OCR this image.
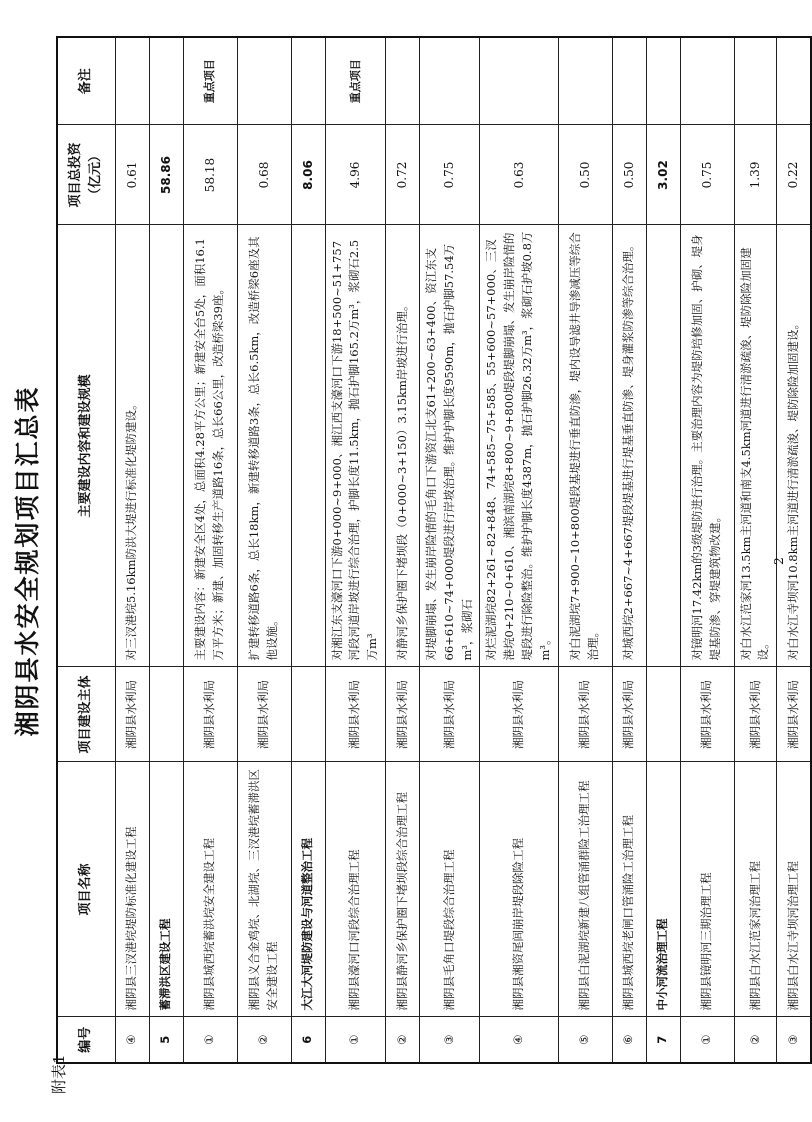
湘阴县水安全规划项目汇总表
附表1
编号	项目名称	项目建设主体	主要建设内容和建设规模	项目总投资（亿元）	备注
④	湘阴县三汊港垸堤防标准化建设工程	湘阴县水利局	对三汊港垸5.16km防洪大堤进行标准化堤防建设。	0.61	
5	蓄滞洪区建设工程			58.86	
①	湘阴县城西垸蓄洪垸安全建设工程	湘阴县水利局	主要建设内容：新建安全区4处，总面积4.28平方公里；新建安全台5处，面积16.1万平方米；新建、加固转移生产道路16条，总长66公里，改造桥梁39座。	58.18	重点项目
②	湘阴县义合金鸡垸、北湖垸、三汊港垸蓄滞洪区安全建设工程	湘阴县水利局	扩建转移道路6条，总长18km，新建转移道路3条，总长6.5km，改造桥梁6座及其他设施。	0.68	
6	大江大河堤防建设与河道整治工程			8.06	
①	湘阴县濠河口河段综合治理工程	湘阴县水利局	对湘江东支濠河口下游0+000~9+000、湘江西支濠河口下游18+500~51+757河段河道岸坡进行综合治理，护脚长度11.5km，抛石护脚165.2万m³，浆砌石2.5万m³	4.96	重点项目
②	湘阴县静河乡保护圈下堵坝段综合治理工程	湘阴县水利局	对静河乡保护圈下堵坝段（0+000~3+150）3.15km岸坡进行治理。	0.72	
③	湘阴县毛角口堤段综合治理工程	湘阴县水利局	对堤脚崩塌、发生崩岸险情的毛角口下游资江北支61+200~63+400、资江东支66+610~74+000堤段进行岸坡治理。维护护脚长度9590m，抛石护脚57.54万m³，浆砌石	0.75	
④	湘阴县湘资尾闾崩岸堤段除险工程	湘阴县水利局	对烂泥湖垸82+261~82+848、74+585~75+585、55+600~57+000、三汊港垸0+210~0+610、湘滨南湖垸8+800~9+800堤段堤脚崩塌、发生崩岸险情的堤段进行除险整治。维护护脚长度4387m，抛石护脚26.32万m³，浆砌石护坡0.8万m³。	0.63	
⑤	湘阴县白泥湖垸新建八组管涌群险工治理工程	湘阴县水利局	对白泥湖垸7+900~10+800堤段基堤进行垂直防渗，堤内设导滤井导渗减压等综合治理。	0.50	
⑥	湘阴县城西垸老闸口管涌险工治理工程	湘阴县水利局	对城西垸2+667~4+667堤段堤基进行堤基垂直防渗、堤身灌浆防渗等综合治理。	0.50	
7	中小河流治理工程			3.02	
①	湘阴县镜明河三期治理工程	湘阴县水利局	对镜明河17.42km的3级堤防进行治理。主要治理内容为堤防培修加固、护砌、堤身堤基防渗、穿堤建筑物改建。	0.75	
②	湘阴县白水江范家河治理工程	湘阴县水利局	对白水江范家河13.5km主河道和南支4.5km河道进行清淤疏浚、堤防除险加固建设。	1.39	
③	湘阴县白水江寺坝河治理工程	湘阴县水利局	对白水江寺坝河10.8km主河道进行清淤疏浚、堤防除险加固建设。	0.22	
2
